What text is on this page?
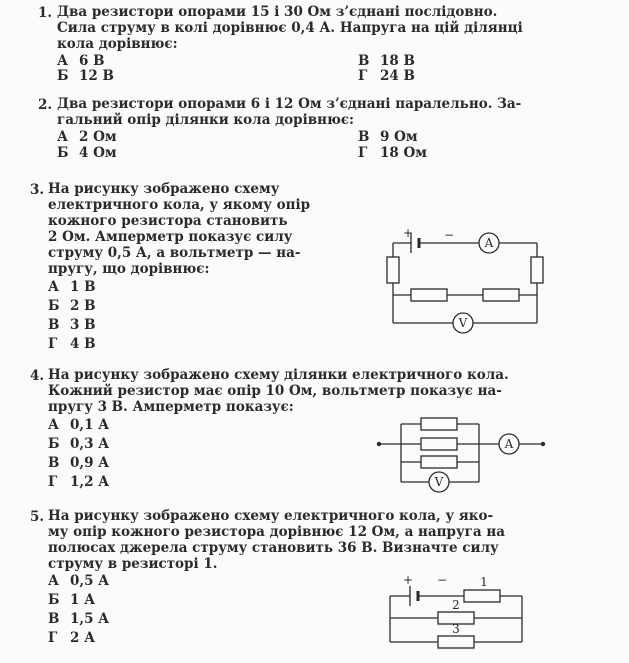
1. Два резистори опорами 15 і 30 Ом з’єднані послідовно.
Сила струму в колі дорівнює 0,4 А. Напруга на цій ділянці
кола дорівнює:
А 6 В
Б 12 В
В 18 В
Г 24 В
2. Два резистори опорами 6 і 12 Ом з’єднані паралельно. За-
гальний опір ділянки кола дорівнює:
А 2 Ом
Б 4 Ом
В 9 Ом
Г 18 Ом
3. На рисунку зображено схему
електричного кола, у якому опір
кожного резистора становить
2 Ом. Амперметр показує силу
струму 0,5 А, а вольтметр — на-
пругу, що дорівнює:
А 1 В
Б 2 В
В 3 В
Г 4 В
A
+	−
V
4. На рисунку зображено схему ділянки електричного кола.
Кожний резистор має опір 10 Ом, вольтметр показує на-
пругу 3 В. Амперметр показує:
А 0,1 А
Б 0,3 А
В 0,9 А
Г 1,2 А	V
A
5. На рисунку зображено схему електричного кола, у яко-
му опір кожного резистора дорівнює 12 Ом, а напруга на
полюсах джерела струму становить 36 В. Визначте силу
струму в резисторі 1.
А 0,5 А
Б 1 А
В 1,5 А
Г 2 А
+ −	1
2
3
